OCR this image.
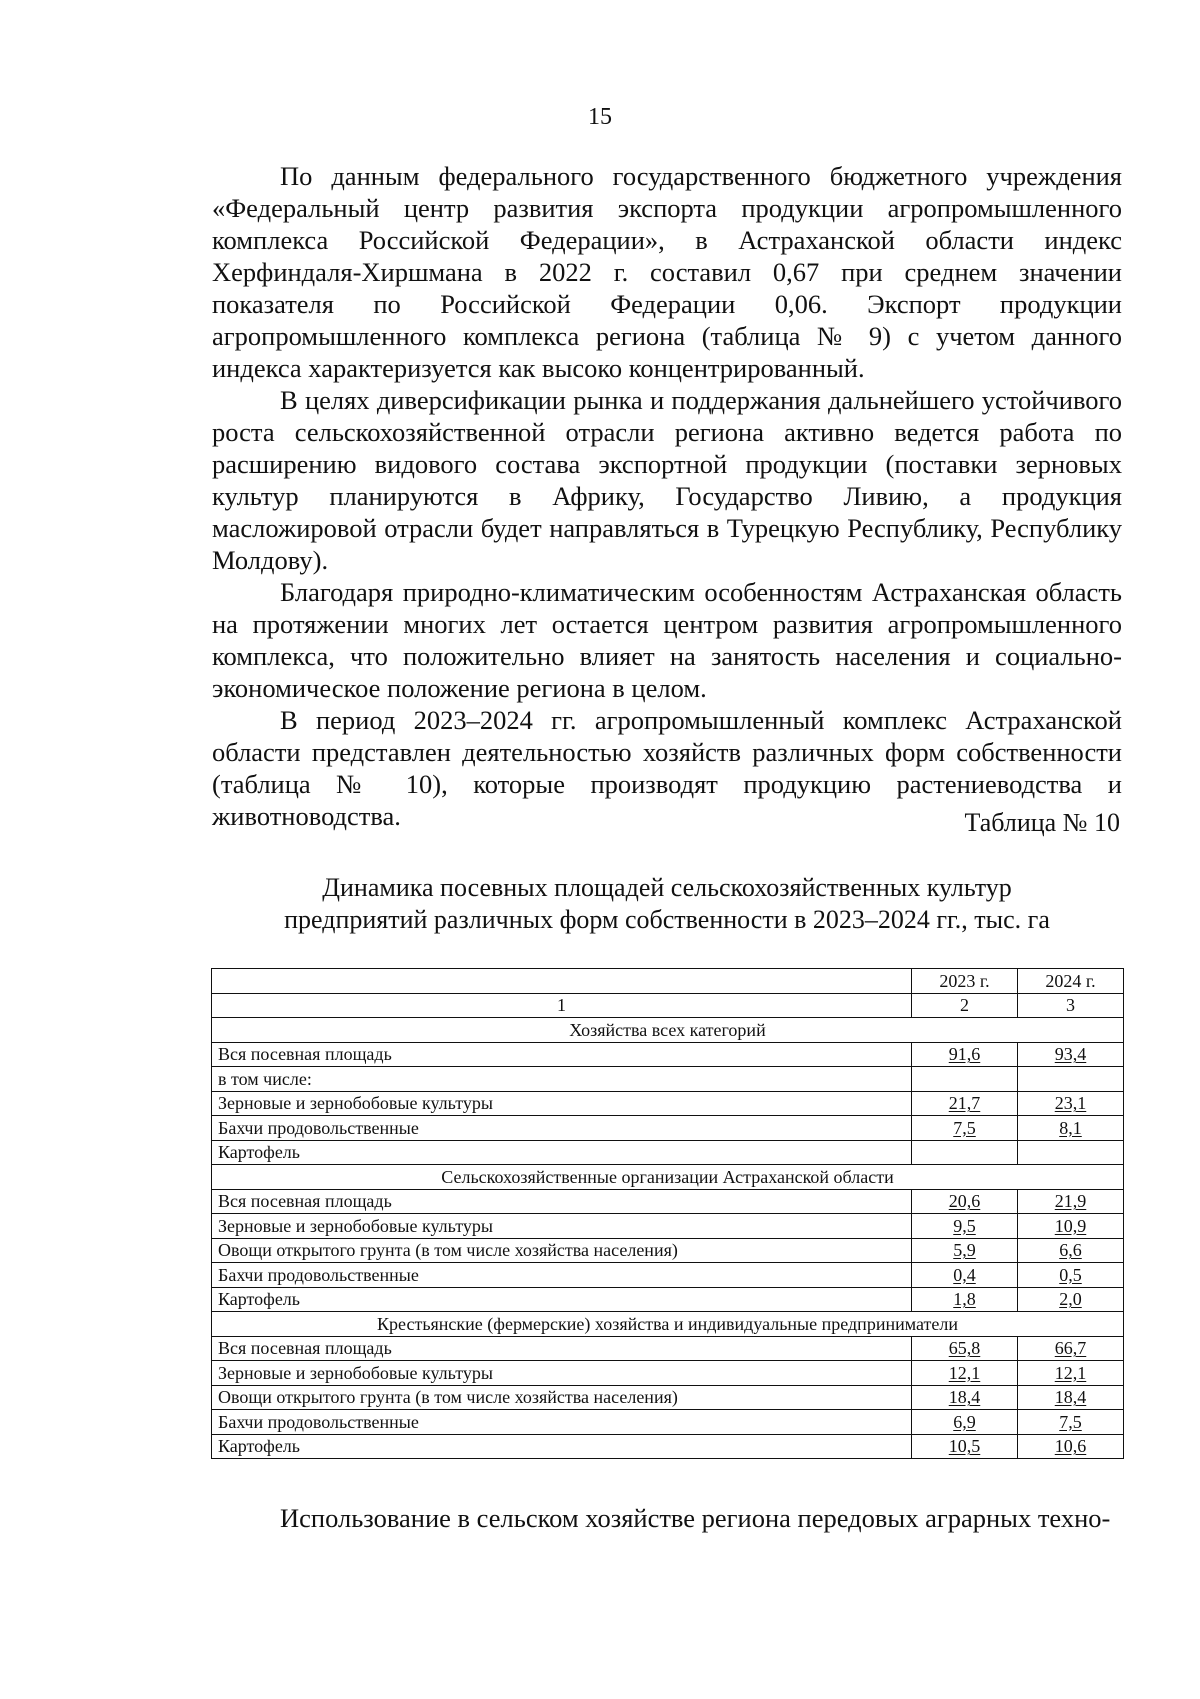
15

По данным федерального государственного бюджетного учреждения «Федеральный центр развития экспорта продукции агропромышленного комплекса Российской Федерации», в Астраханской области индекс Херфиндаля-Хиршмана в 2022 г. составил 0,67 при среднем значении показателя по Российской Федерации 0,06. Экспорт продукции агропромышленного комплекса региона (таблица № 9) с учетом данного индекса характеризуется как высоко концентрированный.

В целях диверсификации рынка и поддержания дальнейшего устойчивого роста сельскохозяйственной отрасли региона активно ведется работа по расширению видового состава экспортной продукции (поставки зерновых культур планируются в Африку, Государство Ливию, а продукция масложировой отрасли будет направляться в Турецкую Республику, Республику Молдову).

Благодаря природно-климатическим особенностям Астраханская область на протяжении многих лет остается центром развития агропромышленного комплекса, что положительно влияет на занятость населения и социально-экономическое положение региона в целом.

В период 2023–2024 гг. агропромышленный комплекс Астраханской области представлен деятельностью хозяйств различных форм собственности (таблица № 10), которые производят продукцию растениеводства и животноводства.	Таблица № 10
Динамика посевных площадей сельскохозяйственных культур
предприятий различных форм собственности в 2023–2024 гг., тыс. га
	2023 г.	2024 г.
1	2	3
Хозяйства всех категорий		
Вся посевная площадь	91,6	93,4
в том числе:		
Зерновые и зернобобовые культуры	21,7	23,1
Бахчи продовольственные	7,5	8,1
Картофель		
Сельскохозяйственные организации Астраханской области		
Вся посевная площадь	20,6	21,9
Зерновые и зернобобовые культуры	9,5	10,9
Овощи открытого грунта (в том числе хозяйства населения)	5,9	6,6
Бахчи продовольственные	0,4	0,5
Картофель	1,8	2,0
Крестьянские (фермерские) хозяйства и индивидуальные предприниматели		
Вся посевная площадь	65,8	66,7
Зерновые и зернобобовые культуры	12,1	12,1
Овощи открытого грунта (в том числе хозяйства населения)	18,4	18,4
Бахчи продовольственные	6,9	7,5
Картофель	10,5	10,6
Использование в сельском хозяйстве региона передовых аграрных техно-
